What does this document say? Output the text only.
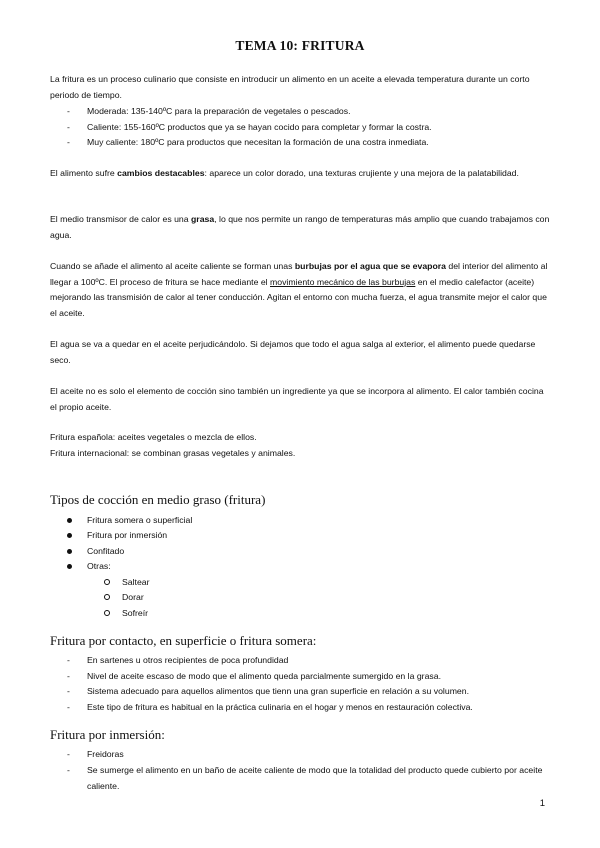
TEMA 10: FRITURA
La fritura es un proceso culinario que consiste en introducir un alimento en un aceite a elevada temperatura durante un corto periodo de tiempo.
- Moderada: 135-140ºC para la preparación de vegetales o pescados.
- Caliente: 155-160ºC productos que ya se hayan cocido para completar y formar la costra.
- Muy caliente: 180ºC para productos que necesitan la formación de una costra inmediata.
El alimento sufre cambios destacables: aparece un color dorado, una texturas crujiente y una mejora de la palatabilidad.
El medio transmisor de calor es una grasa, lo que nos permite un rango de temperaturas más amplio que cuando trabajamos con agua.
Cuando se añade el alimento al aceite caliente se forman unas burbujas por el agua que se evapora del interior del alimento al llegar a 100ºC. El proceso de fritura se hace mediante el movimiento mecánico de las burbujas en el medio calefactor (aceite) mejorando las transmisión de calor al tener conducción. Agitan el entorno con mucha fuerza, el agua transmite mejor el calor que el aceite.
El agua se va a quedar en el aceite perjudicándolo. Si dejamos que todo el agua salga al exterior, el alimento puede quedarse seco.
El aceite no es solo el elemento de cocción sino también un ingrediente ya que se incorpora al alimento. El calor también cocina el propio aceite.
Fritura española: aceites vegetales o mezcla de ellos.
Fritura internacional: se combinan grasas vegetales y animales.
Tipos de cocción en medio graso (fritura)
Fritura somera o superficial
Fritura por inmersión
Confitado
Otras:
Saltear
Dorar
Sofreír
Fritura por contacto, en superficie o fritura somera:
- En sartenes u otros recipientes de poca profundidad
- Nivel de aceite escaso de modo que el alimento queda parcialmente sumergido en la grasa.
- Sistema adecuado para aquellos alimentos que tienn una gran superficie en relación a su volumen.
- Este tipo de fritura es habitual en la práctica culinaria en el hogar y menos en restauración colectiva.
Fritura por inmersión:
- Freidoras
- Se sumerge el alimento en un baño de aceite caliente de modo que la totalidad del producto quede cubierto por aceite caliente.
1
